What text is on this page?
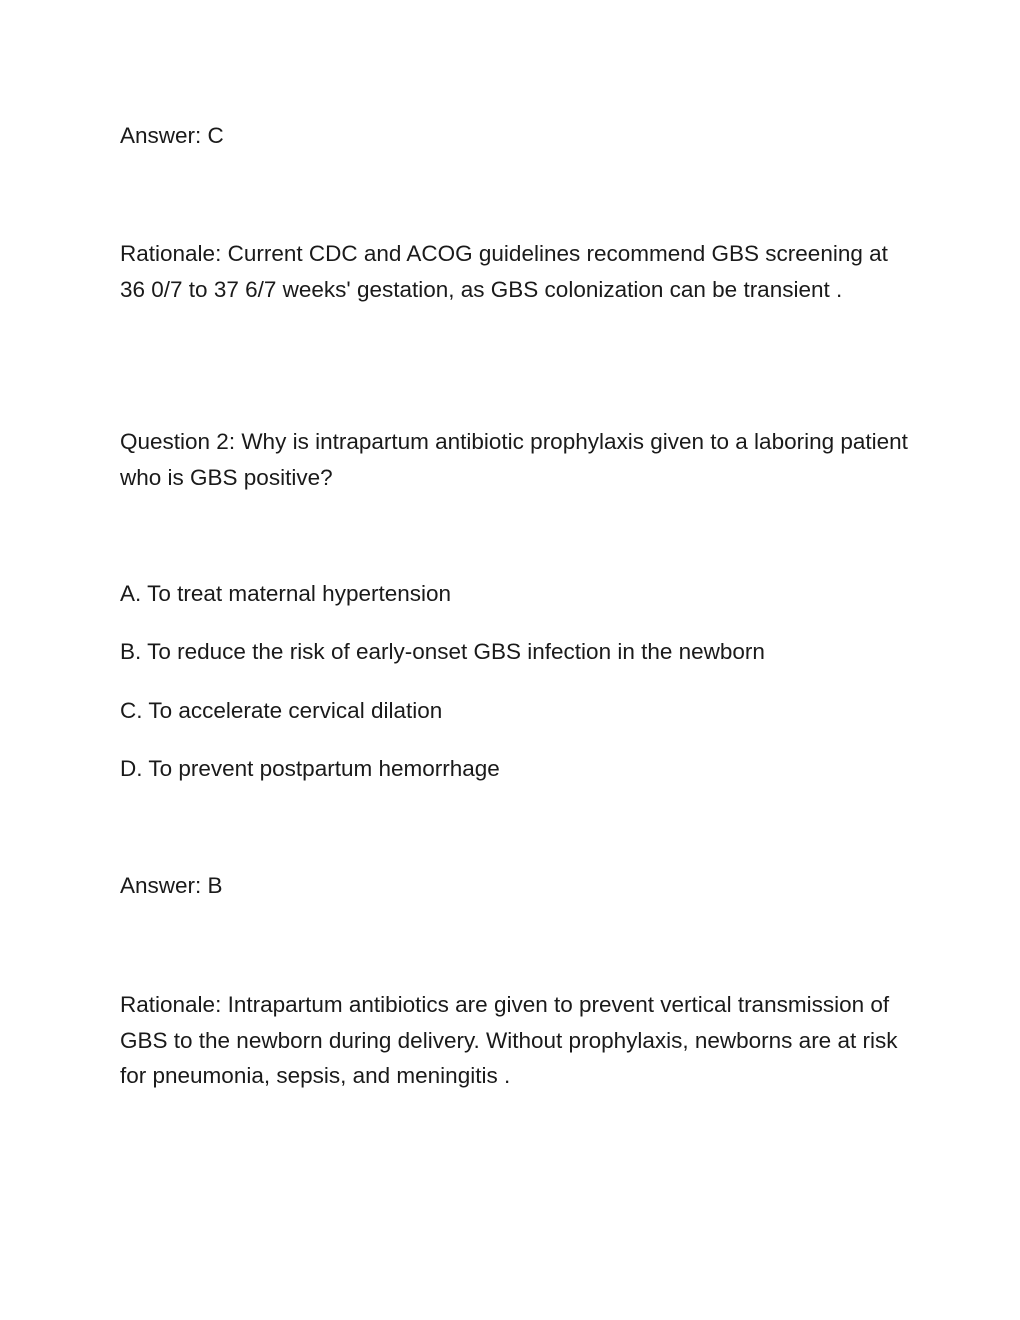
Answer: C

Rationale: Current CDC and ACOG guidelines recommend GBS screening at 36 0/7 to 37 6/7 weeks' gestation, as GBS colonization can be transient .

Question 2: Why is intrapartum antibiotic prophylaxis given to a laboring patient who is GBS positive?

A. To treat maternal hypertension

B. To reduce the risk of early-onset GBS infection in the newborn

C. To accelerate cervical dilation

D. To prevent postpartum hemorrhage

Answer: B

Rationale: Intrapartum antibiotics are given to prevent vertical transmission of GBS to the newborn during delivery. Without prophylaxis, newborns are at risk for pneumonia, sepsis, and meningitis .
